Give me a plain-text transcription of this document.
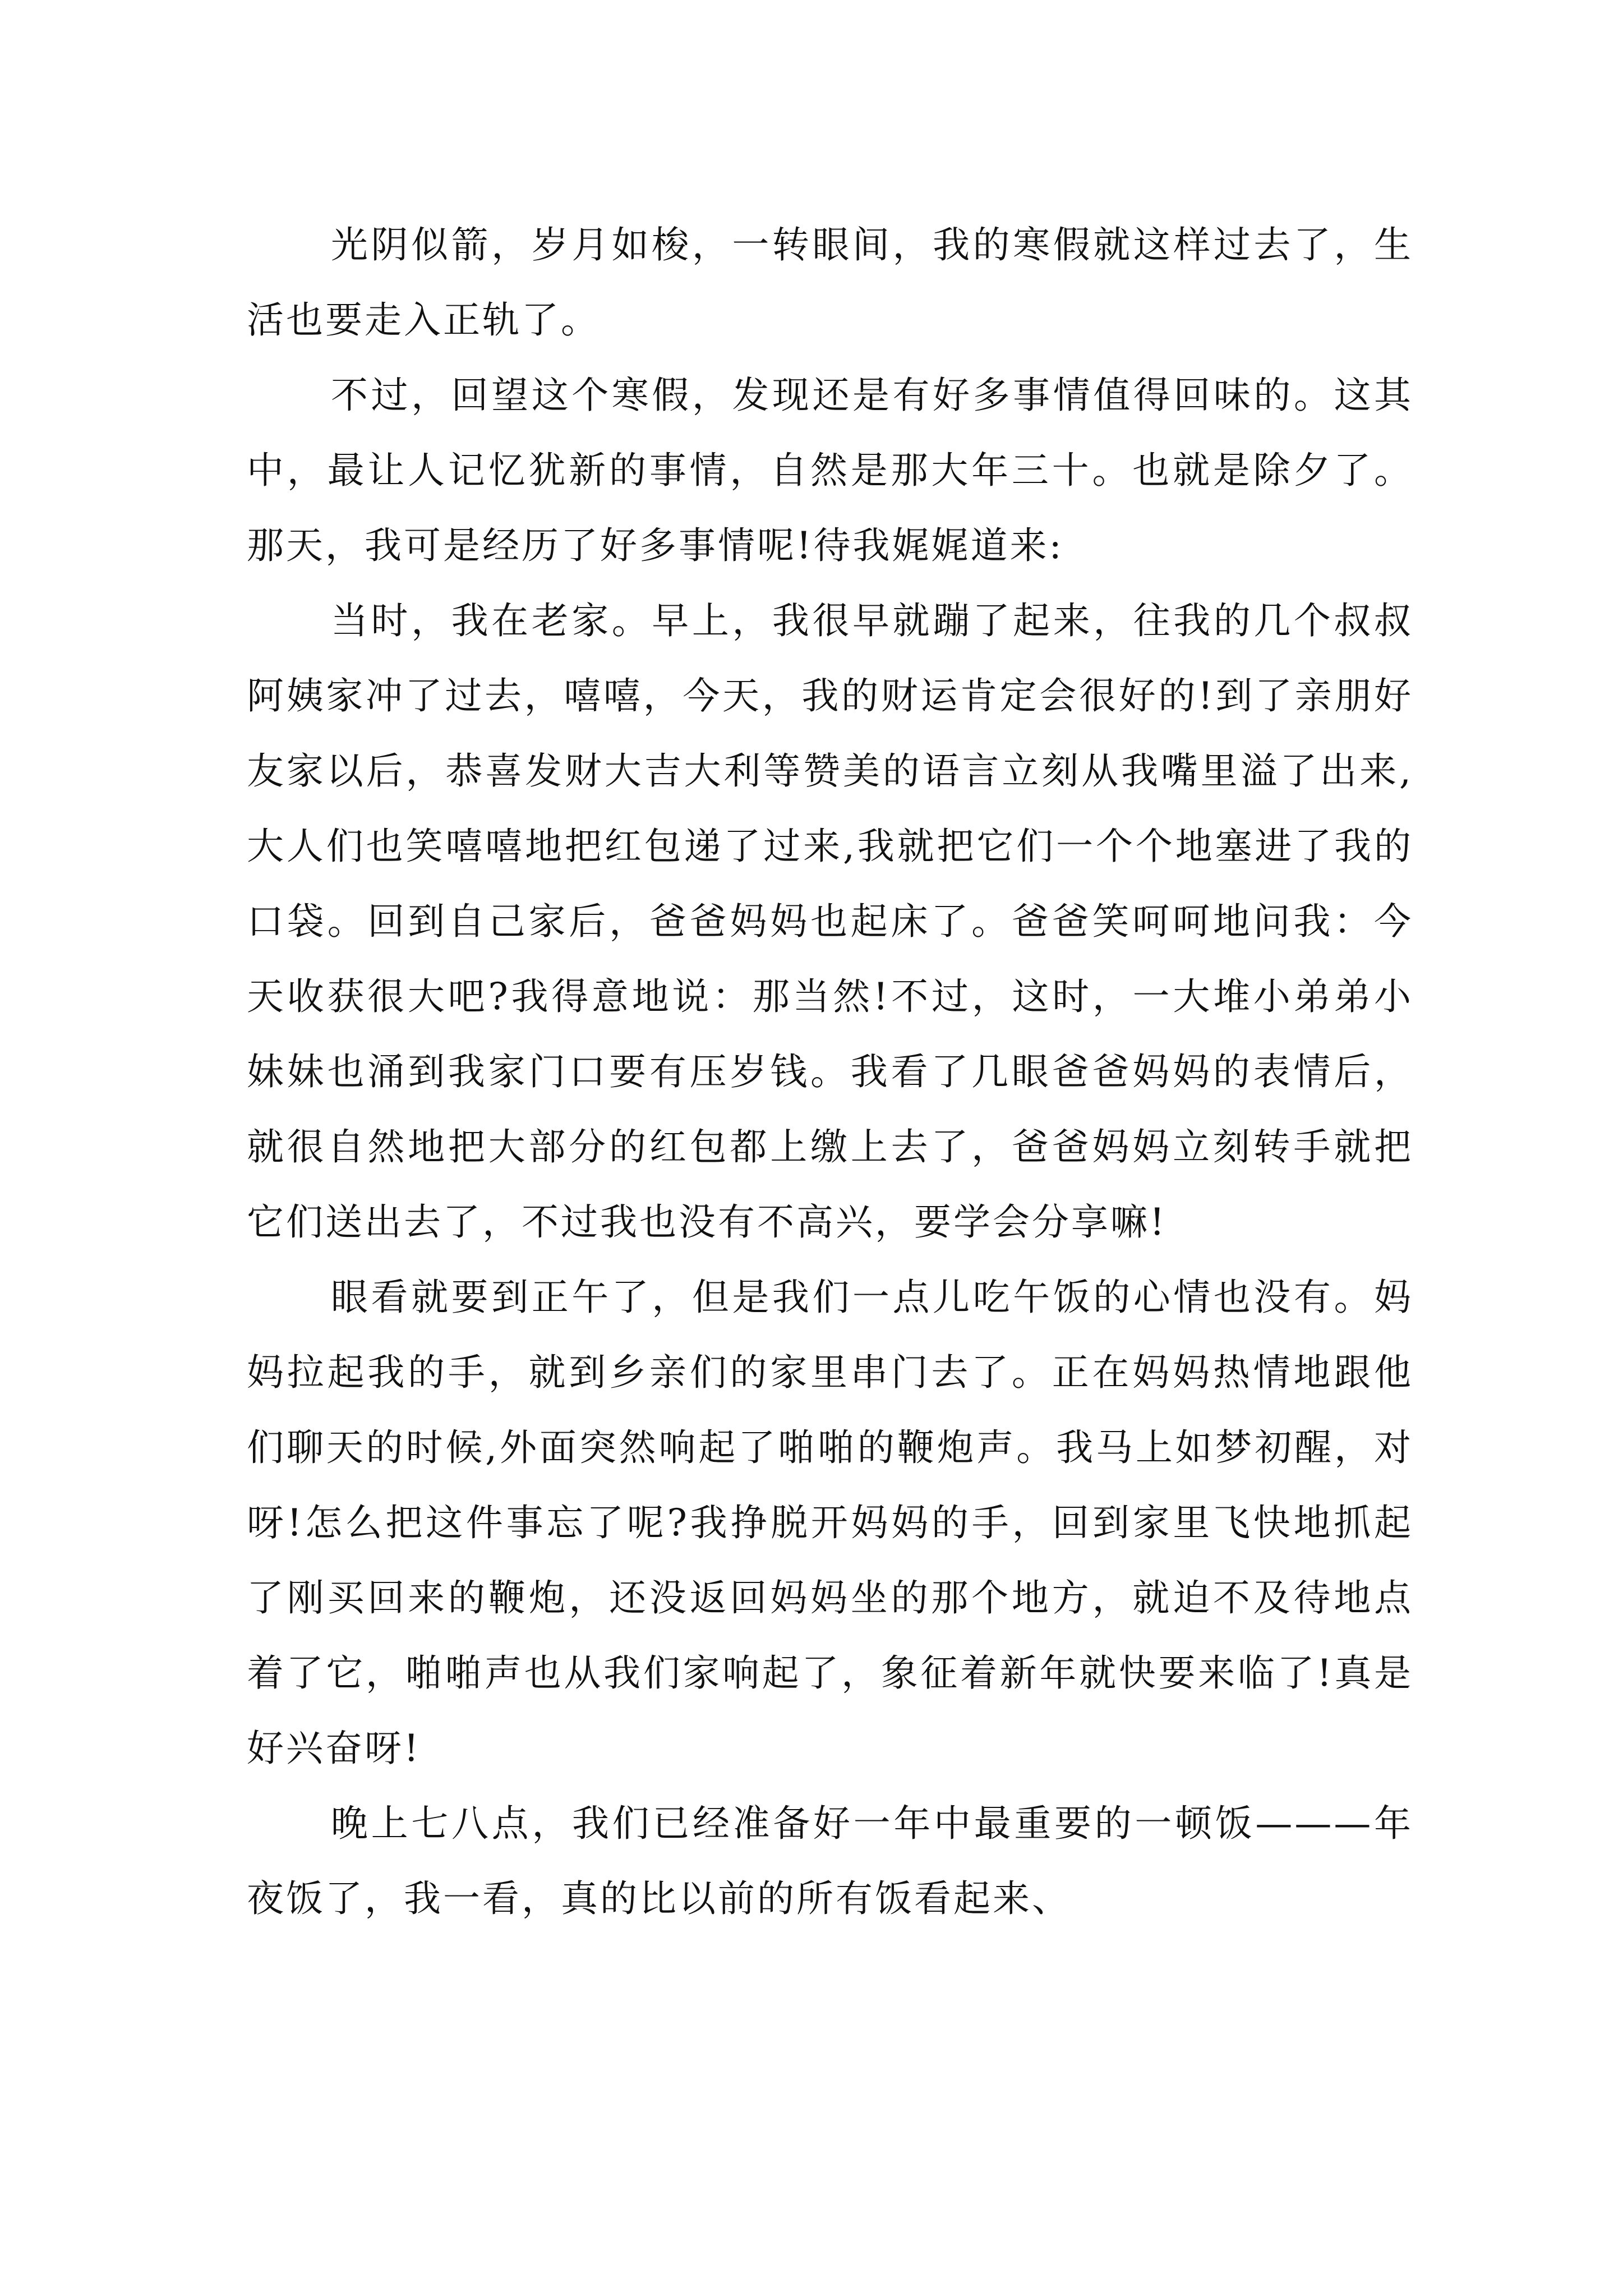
光阴似箭，岁月如梭，一转眼间，我的寒假就这样过去了，生活也要走入正轨了。

不过，回望这个寒假，发现还是有好多事情值得回味的。这其中，最让人记忆犹新的事情，自然是那大年三十。也就是除夕了。那天，我可是经历了好多事情呢!待我娓娓道来:

当时，我在老家。早上，我很早就蹦了起来，往我的几个叔叔阿姨家冲了过去，嘻嘻，今天，我的财运肯定会很好的!到了亲朋好友家以后，恭喜发财大吉大利等赞美的语言立刻从我嘴里溢了出来,大人们也笑嘻嘻地把红包递了过来,我就把它们一个个地塞进了我的口袋。回到自己家后，爸爸妈妈也起床了。爸爸笑呵呵地问我：今天收获很大吧?我得意地说：那当然!不过，这时，一大堆小弟弟小妹妹也涌到我家门口要有压岁钱。我看了几眼爸爸妈妈的表情后，就很自然地把大部分的红包都上缴上去了，爸爸妈妈立刻转手就把它们送出去了，不过我也没有不高兴，要学会分享嘛!

眼看就要到正午了，但是我们一点儿吃午饭的心情也没有。妈妈拉起我的手，就到乡亲们的家里串门去了。正在妈妈热情地跟他们聊天的时候,外面突然响起了啪啪的鞭炮声。我马上如梦初醒，对呀!怎么把这件事忘了呢?我挣脱开妈妈的手，回到家里飞快地抓起了刚买回来的鞭炮，还没返回妈妈坐的那个地方，就迫不及待地点着了它，啪啪声也从我们家响起了，象征着新年就快要来临了!真是好兴奋呀!

晚上七八点，我们已经准备好一年中最重要的一顿饭———年夜饭了，我一看，真的比以前的所有饭看起来、
